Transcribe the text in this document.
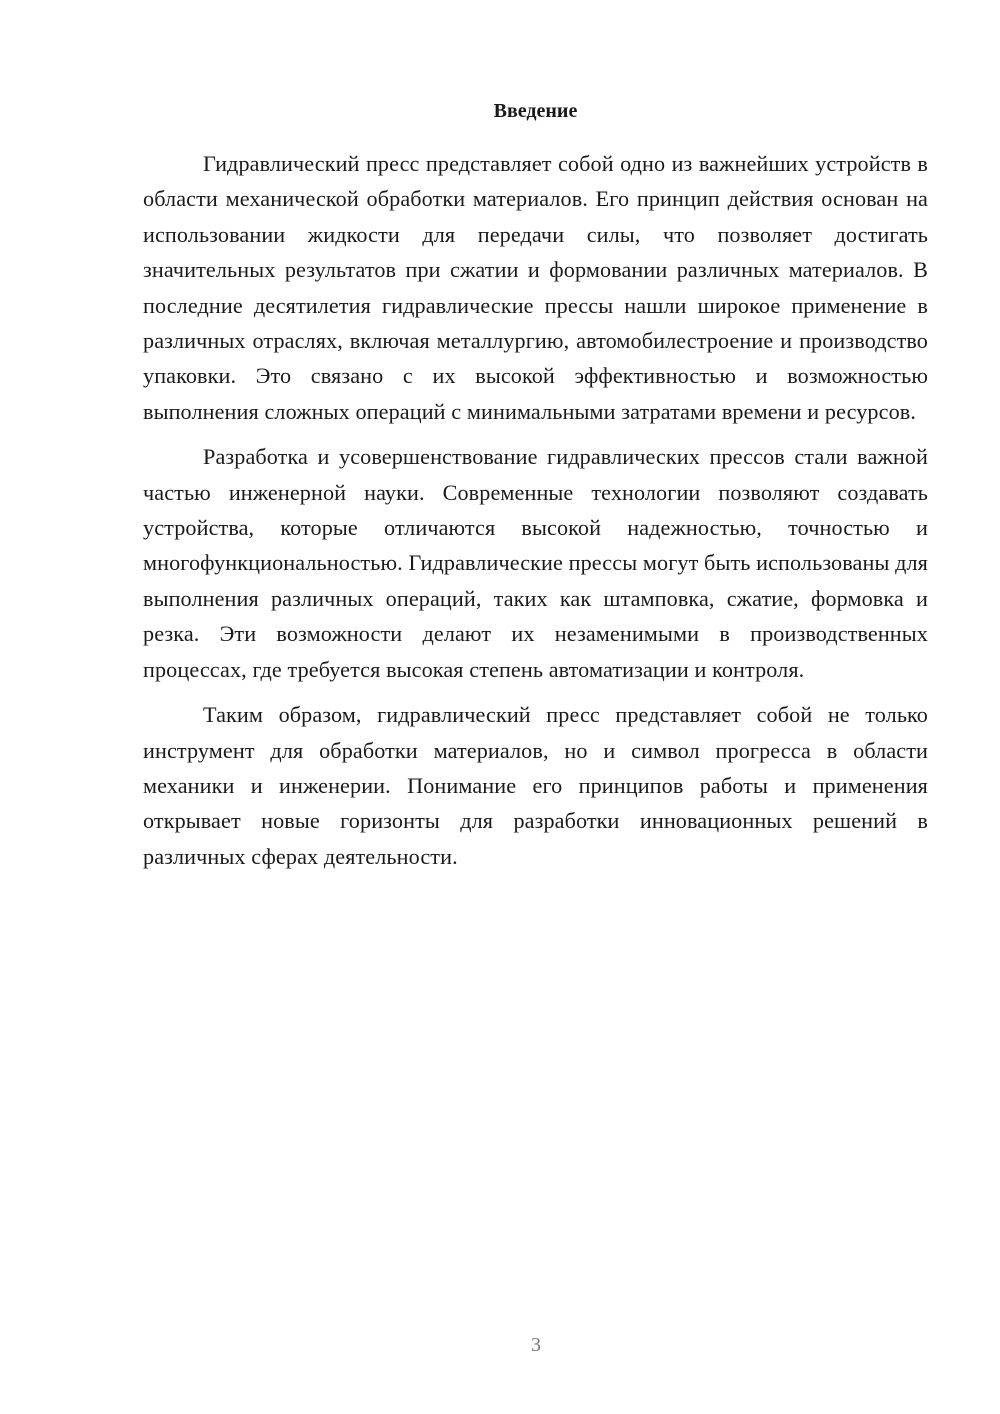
Введение

Гидравлический пресс представляет собой одно из важнейших устройств в области механической обработки материалов. Его принцип действия основан на использовании жидкости для передачи силы, что позволяет достигать значительных результатов при сжатии и формовании различных материалов. В последние десятилетия гидравлические прессы нашли широкое применение в различных отраслях, включая металлургию, автомобилестроение и производство упаковки. Это связано с их высокой эффективностью и возможностью выполнения сложных операций с минимальными затратами времени и ресурсов.

Разработка и усовершенствование гидравлических прессов стали важной частью инженерной науки. Современные технологии позволяют создавать устройства, которые отличаются высокой надежностью, точностью и многофункциональностью. Гидравлические прессы могут быть использованы для выполнения различных операций, таких как штамповка, сжатие, формовка и резка. Эти возможности делают их незаменимыми в производственных процессах, где требуется высокая степень автоматизации и контроля.

Таким образом, гидравлический пресс представляет собой не только инструмент для обработки материалов, но и символ прогресса в области механики и инженерии. Понимание его принципов работы и применения открывает новые горизонты для разработки инновационных решений в различных сферах деятельности.

3
